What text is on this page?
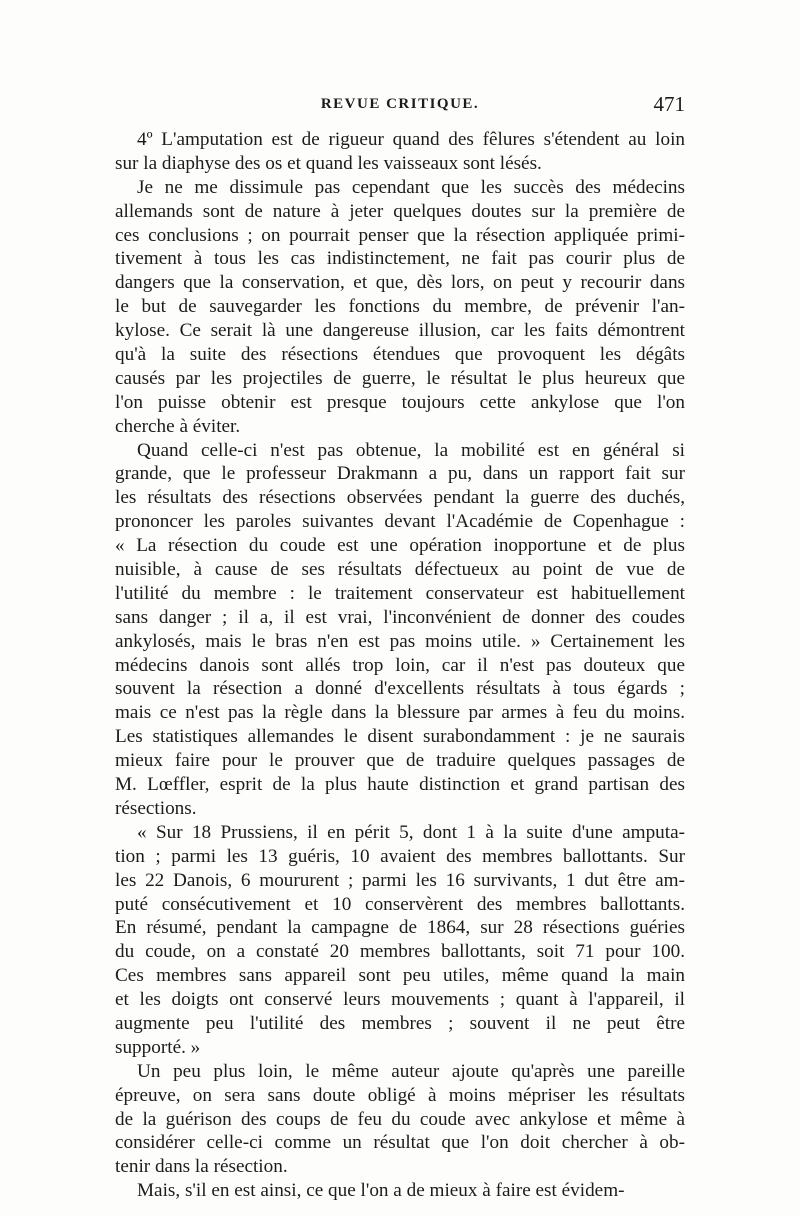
REVUE CRITIQUE.	471
4º L'amputation est de rigueur quand des fêlures s'étendent au loin
sur la diaphyse des os et quand les vaisseaux sont lésés.
Je ne me dissimule pas cependant que les succès des médecins
allemands sont de nature à jeter quelques doutes sur la première de
ces conclusions ; on pourrait penser que la résection appliquée primi-
tivement à tous les cas indistinctement, ne fait pas courir plus de
dangers que la conservation, et que, dès lors, on peut y recourir dans
le but de sauvegarder les fonctions du membre, de prévenir l'an-
kylose. Ce serait là une dangereuse illusion, car les faits démontrent
qu'à la suite des résections étendues que provoquent les dégâts
causés par les projectiles de guerre, le résultat le plus heureux que
l'on puisse obtenir est presque toujours cette ankylose que l'on
cherche à éviter.
Quand celle-ci n'est pas obtenue, la mobilité est en général si
grande, que le professeur Drakmann a pu, dans un rapport fait sur
les résultats des résections observées pendant la guerre des duchés,
prononcer les paroles suivantes devant l'Académie de Copenhague :
« La résection du coude est une opération inopportune et de plus
nuisible, à cause de ses résultats défectueux au point de vue de
l'utilité du membre : le traitement conservateur est habituellement
sans danger ; il a, il est vrai, l'inconvénient de donner des coudes
ankylosés, mais le bras n'en est pas moins utile. » Certainement les
médecins danois sont allés trop loin, car il n'est pas douteux que
souvent la résection a donné d'excellents résultats à tous égards ;
mais ce n'est pas la règle dans la blessure par armes à feu du moins.
Les statistiques allemandes le disent surabondamment : je ne saurais
mieux faire pour le prouver que de traduire quelques passages de
M. Lœffler, esprit de la plus haute distinction et grand partisan des
résections.
« Sur 18 Prussiens, il en périt 5, dont 1 à la suite d'une amputa-
tion ; parmi les 13 guéris, 10 avaient des membres ballottants. Sur
les 22 Danois, 6 moururent ; parmi les 16 survivants, 1 dut être am-
puté consécutivement et 10 conservèrent des membres ballottants.
En résumé, pendant la campagne de 1864, sur 28 résections guéries
du coude, on a constaté 20 membres ballottants, soit 71 pour 100.
Ces membres sans appareil sont peu utiles, même quand la main
et les doigts ont conservé leurs mouvements ; quant à l'appareil, il
augmente peu l'utilité des membres ; souvent il ne peut être
supporté. »
Un peu plus loin, le même auteur ajoute qu'après une pareille
épreuve, on sera sans doute obligé à moins mépriser les résultats
de la guérison des coups de feu du coude avec ankylose et même à
considérer celle-ci comme un résultat que l'on doit chercher à ob-
tenir dans la résection.
Mais, s'il en est ainsi, ce que l'on a de mieux à faire est évidem-
